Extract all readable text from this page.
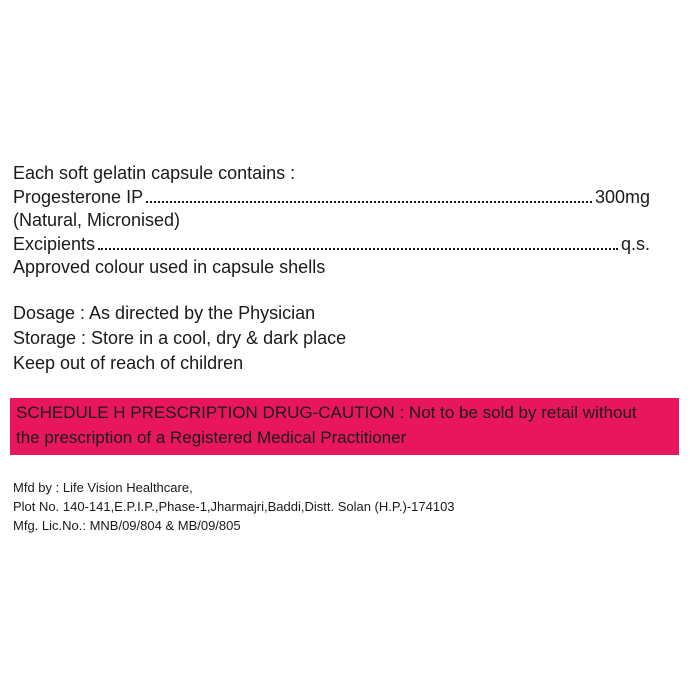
Each soft gelatin capsule contains :
Progesterone IP	300mg
(Natural, Micronised)
Excipients	q.s.
Approved colour used in capsule shells
Dosage : As directed by the Physician
Storage : Store in a cool, dry & dark place
Keep out of reach of children
SCHEDULE H PRESCRIPTION DRUG-CAUTION : Not to be sold by retail without
the prescription of a Registered Medical Practitioner
Mfd by : Life Vision Healthcare,
Plot No. 140-141,E.P.I.P.,Phase-1,Jharmajri,Baddi,Distt. Solan (H.P.)-174103
Mfg. Lic.No.: MNB/09/804 & MB/09/805
